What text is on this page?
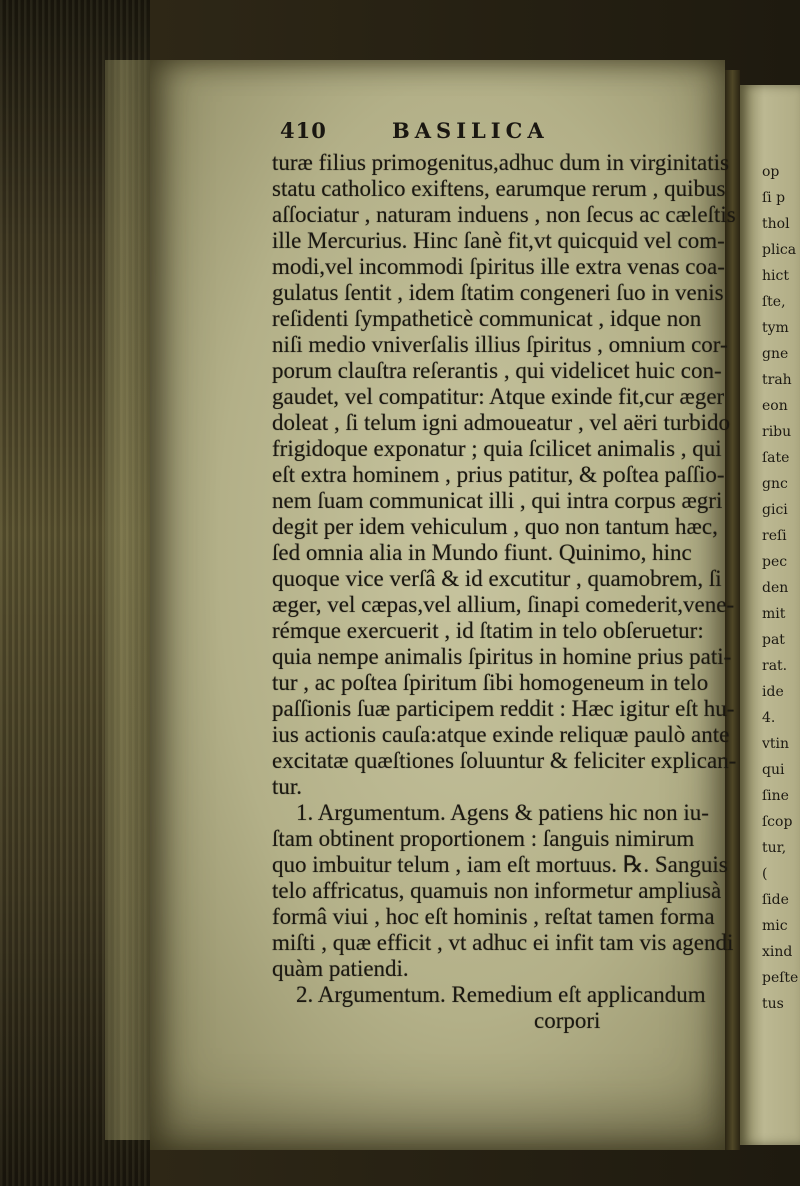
op
ſi p
thol
plica
hict
ſte,
tym
gne
trah
eon
ribu
ſate
gnc
gici
reſi
pec
den
mit
pat
rat.
ide
4.
vtin
qui
ſine
ſcop
tur,
(
ſide
mic
xind
peſte
tus
410	BASILICA
turæ filius primogenitus,adhuc dum in virginitatis
statu catholico exiftens, earumque rerum , quibus
aſſociatur , naturam induens , non ſecus ac cæleſtis
ille Mercurius. Hinc ſanè fit,vt quicquid vel com-
modi,vel incommodi ſpiritus ille extra venas coa-
gulatus ſentit , idem ſtatim congeneri ſuo in venis
reſidenti ſympatheticè communicat , idque non
niſi medio vniverſalis illius ſpiritus , omnium cor-
porum clauſtra reſerantis , qui videlicet huic con-
gaudet, vel compatitur: Atque exinde fit,cur æger
doleat , ſi telum igni admoueatur , vel aëri turbido
frigidoque exponatur ; quia ſcilicet animalis , qui
eſt extra hominem , prius patitur, & poſtea paſſio-
nem ſuam communicat illi , qui intra corpus ægri
degit per idem vehiculum , quo non tantum hæc,
ſed omnia alia in Mundo fiunt. Quinimo, hinc
quoque vice verſâ & id excutitur , quamobrem, ſi
æger, vel cæpas,vel allium, ſinapi comederit,vene-
rémque exercuerit , id ſtatim in telo obſeruetur:
quia nempe animalis ſpiritus in homine prius pati-
tur , ac poſtea ſpiritum ſibi homogeneum in telo
paſſionis ſuæ participem reddit : Hæc igitur eſt hu-
ius actionis cauſa:atque exinde reliquæ paulò ante
excitatæ quæſtiones ſoluuntur & feliciter explican-
tur.
1. Argumentum. Agens & patiens hic non iu-
ſtam obtinent proportionem : ſanguis nimirum
quo imbuitur telum , iam eſt mortuus. ℞. Sanguis
telo affricatus, quamuis non informetur ampliusà
formâ viui , hoc eſt hominis , reſtat tamen forma
miſti , quæ efficit , vt adhuc ei infit tam vis agendi
quàm patiendi.
2. Argumentum. Remedium eſt applicandum
corpori
